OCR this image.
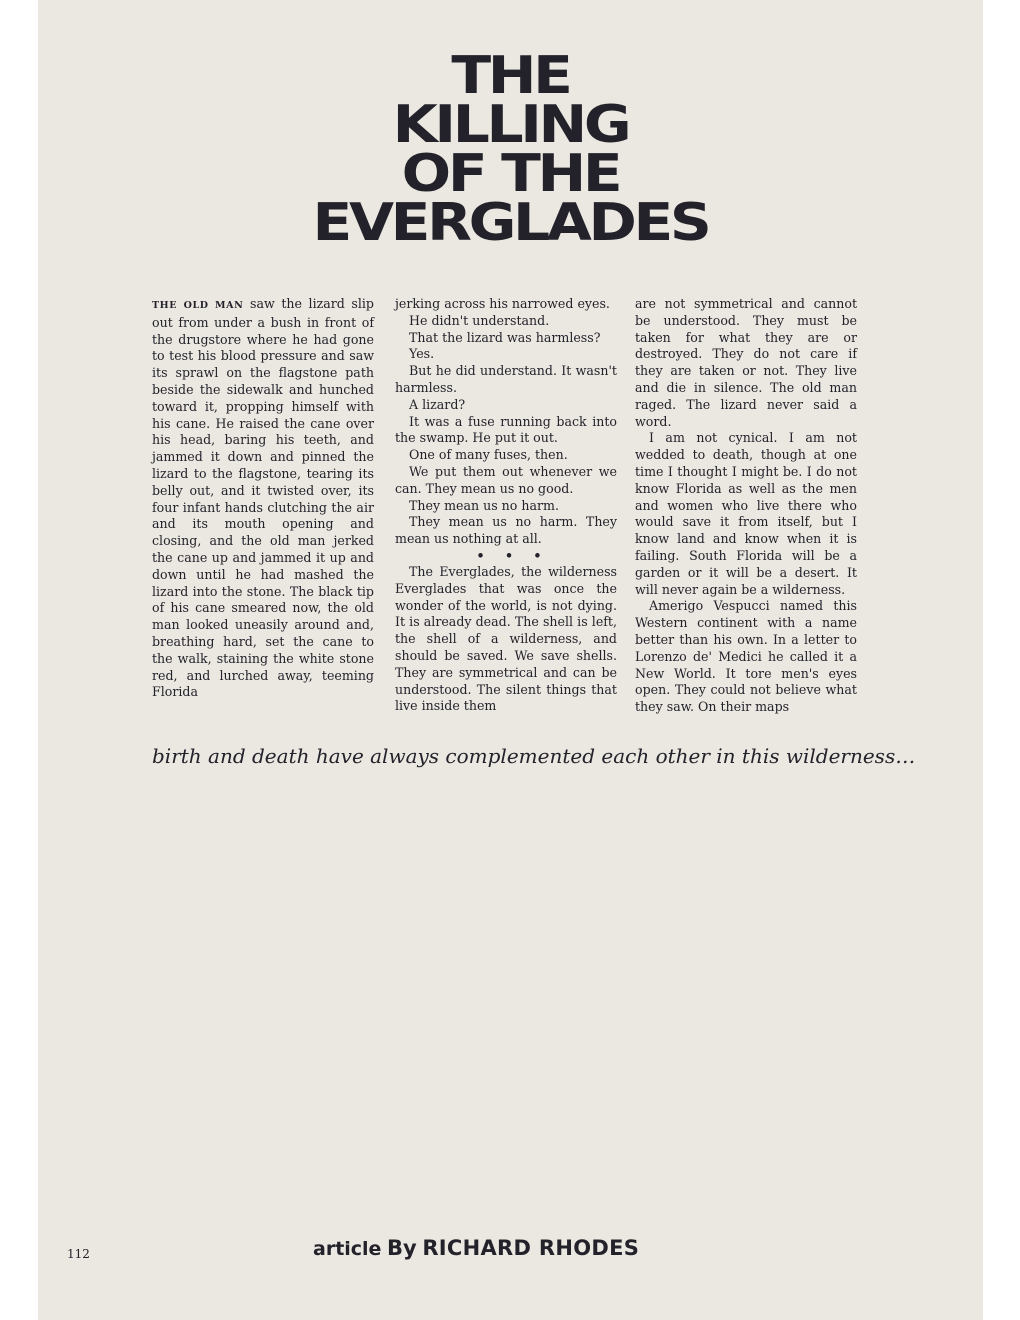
THE
KILLING
OF THE
EVERGLADES

THE OLD MAN saw the lizard slip out from under a bush in front of the drugstore where he had gone to test his blood pressure and saw its sprawl on the flagstone path beside the sidewalk and hunched toward it, propping himself with his cane. He raised the cane over his head, baring his teeth, and jammed it down and pinned the lizard to the flagstone, tearing its belly out, and it twisted over, its four infant hands clutching the air and its mouth opening and closing, and the old man jerked the cane up and jammed it up and down until he had mashed the lizard into the stone. The black tip of his cane smeared now, the old man looked uneasily around and, breathing hard, set the cane to the walk, staining the white stone red, and lurched away, teeming Florida

jerking across his narrowed eyes.

He didn't understand.

That the lizard was harmless?

Yes.

But he did understand. It wasn't harmless.

A lizard?

It was a fuse running back into the swamp. He put it out.

One of many fuses, then.

We put them out whenever we can. They mean us no good.

They mean us no harm.

They mean us no harm. They mean us nothing at all.

• • •

The Everglades, the wilderness Everglades that was once the wonder of the world, is not dying. It is already dead. The shell is left, the shell of a wilderness, and should be saved. We save shells. They are symmetrical and can be understood. The silent things that live inside them

are not symmetrical and cannot be understood. They must be taken for what they are or destroyed. They do not care if they are taken or not. They live and die in silence. The old man raged. The lizard never said a word.

I am not cynical. I am not wedded to death, though at one time I thought I might be. I do not know Florida as well as the men and women who live there who would save it from itself, but I know land and know when it is failing. South Florida will be a garden or it will be a desert. It will never again be a wilderness.

Amerigo Vespucci named this Western continent with a name better than his own. In a letter to Lorenzo de' Medici he called it a New World. It tore men's eyes open. They could not believe what they saw. On their maps

birth and death have always complemented each other in this wilderness…
112	article By RICHARD RHODES
